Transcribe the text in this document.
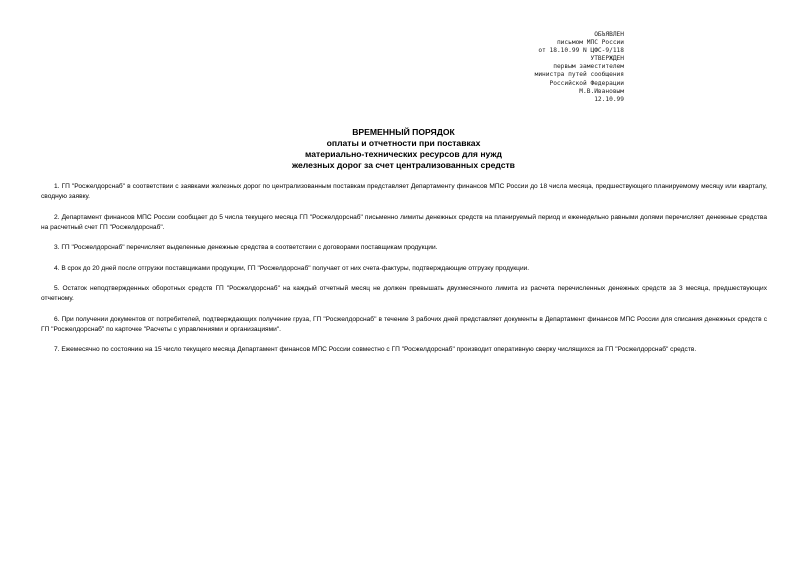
ОБЪЯВЛЕН
письмом МПС России
от 18.10.99 N ЦФС-9/118
УТВЕРЖДЕН
первым заместителем
министра путей сообщения
Российской Федерации
М.В.Ивановым
12.10.99
ВРЕМЕННЫЙ ПОРЯДОК
оплаты и отчетности при поставках
материально-технических ресурсов для нужд
железных дорог за счет централизованных средств

1. ГП "Росжелдорснаб" в соответствии с заявками железных дорог по централизованным поставкам представляет Департаменту финансов МПС России до 18 числа месяца, предшествующего планируемому месяцу или кварталу, сводную заявку.

2. Департамент финансов МПС России сообщает до 5 числа текущего месяца ГП "Росжелдорснаб" письменно лимиты денежных средств на планируемый период и еженедельно равными долями перечисляет денежные средства на расчетный счет ГП "Росжелдорснаб".

3. ГП "Росжелдорснаб" перечисляет выделенные денежные средства в соответствии с договорами поставщикам продукции.

4. В срок до 20 дней после отгрузки поставщиками продукции, ГП "Росжелдорснаб" получает от них счета-фактуры, подтверждающие отгрузку продукции.

5. Остаток неподтвержденных оборотных средств ГП "Росжелдорснаб" на каждый отчетный месяц не должен превышать двухмесячного лимита из расчета перечисленных денежных средств за 3 месяца, предшествующих отчетному.

6. При получении документов от потребителей, подтверждающих получение груза, ГП "Росжелдорснаб" в течение 3 рабочих дней представляет документы в Департамент финансов МПС России для списания денежных средств с ГП "Росжелдорснаб" по карточке "Расчеты с управлениями и организациями".

7. Ежемесячно по состоянию на 15 число текущего месяца Департамент финансов МПС России совместно с ГП "Росжелдорснаб" производит оперативную сверку числящихся за ГП "Росжелдорснаб" средств.
